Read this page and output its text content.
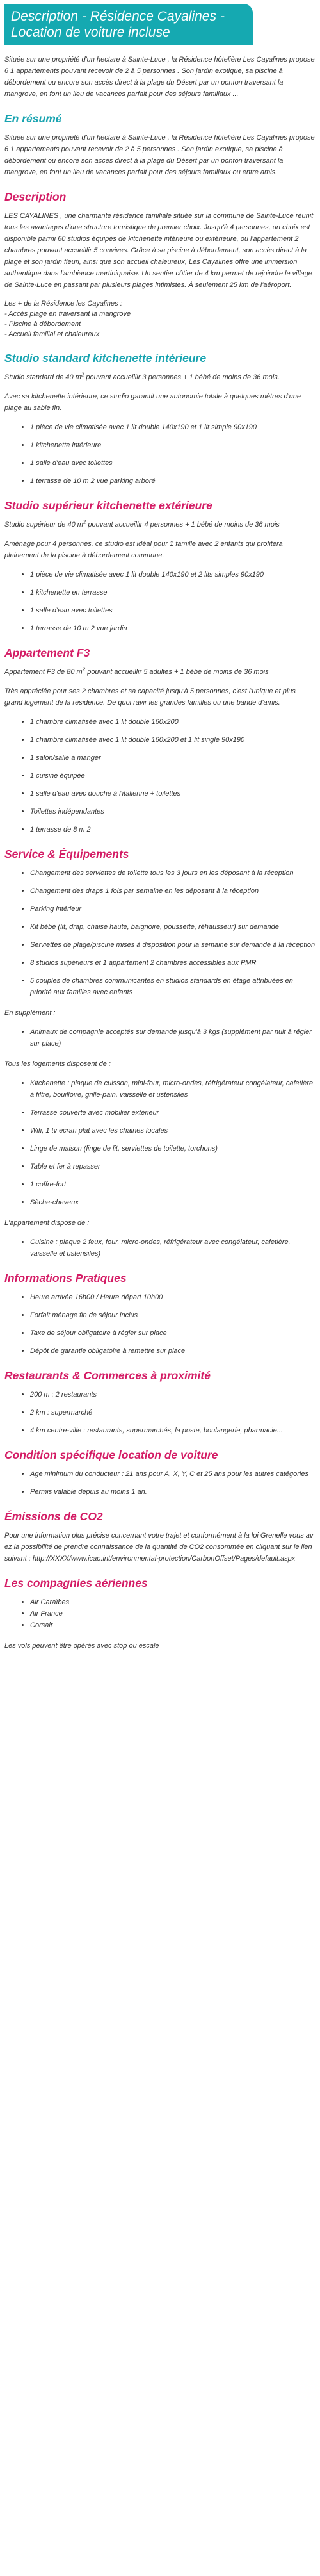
Description - Résidence Cayalines -
Location de voiture incluse

Située sur une propriété d'un hectare à Sainte-Luce , la Résidence hôtelière Les Cayalines propose 6 1 appartements pouvant recevoir de 2 à 5 personnes . Son jardin exotique, sa piscine à débordement ou encore son accès direct à la plage du Désert par un ponton traversant la mangrove, en font un lieu de vacances parfait pour des séjours familiaux ...

En résumé

Située sur une propriété d'un hectare à Sainte-Luce , la Résidence hôtelière Les Cayalines propose 6 1 appartements pouvant recevoir de 2 à 5 personnes . Son jardin exotique, sa piscine à débordement ou encore son accès direct à la plage du Désert par un ponton traversant la mangrove, en font un lieu de vacances parfait pour des séjours familiaux ou entre amis.

Description

LES CAYALINES , une charmante résidence familiale située sur la commune de Sainte-Luce réunit tous les avantages d'une structure touristique de premier choix. Jusqu'à 4 personnes, un choix est disponible parmi 60 studios équipés de kitchenette intérieure ou extérieure, ou l'appartement 2 chambres pouvant accueillir 5 convives. Grâce à sa piscine à débordement, son accès direct à la plage et son jardin fleuri, ainsi que son accueil chaleureux, Les Cayalines offre une immersion authentique dans l'ambiance martiniquaise. Un sentier côtier de 4 km permet de rejoindre le village de Sainte-Luce en passant par plusieurs plages intimistes. À seulement 25 km de l'aéroport.

Les + de la Résidence les Cayalines :
- Accès plage en traversant la mangrove
- Piscine à débordement
- Accueil familial et chaleureux
Studio standard kitchenette intérieure

Studio standard de 40 $m^2$ pouvant accueillir 3 personnes + 1 bébé de moins de 36 mois.

Avec sa kitchenette intérieure, ce studio garantit une autonomie totale à quelques mètres d'une plage au sable fin.

• 1 pièce de vie climatisée avec 1 lit double 140x190 et 1 lit simple 90x190
• 1 kitchenette intérieure
• 1 salle d'eau avec toilettes
• 1 terrasse de 10 m 2 vue parking arboré
Studio supérieur kitchenette extérieure

Studio supérieur de 40 $m^2$ pouvant accueillir 4 personnes + 1 bébé de moins de 36 mois

Aménagé pour 4 personnes, ce studio est idéal pour 1 famille avec 2 enfants qui profitera pleinement de la piscine à débordement commune.

• 1 pièce de vie climatisée avec 1 lit double 140x190 et 2 lits simples 90x190
• 1 kitchenette en terrasse
• 1 salle d'eau avec toilettes
• 1 terrasse de 10 m 2 vue jardin
Appartement F3

Appartement F3 de 80 $m^2$ pouvant accueillir 5 adultes + 1 bébé de moins de 36 mois

Très appréciée pour ses 2 chambres et sa capacité jusqu'à 5 personnes, c'est l'unique et plus grand logement de la résidence. De quoi ravir les grandes familles ou une bande d'amis.

• 1 chambre climatisée avec 1 lit double 160x200
• 1 chambre climatisée avec 1 lit double 160x200 et 1 lit single 90x190
• 1 salon/salle à manger
• 1 cuisine équipée
• 1 salle d'eau avec douche à l'italienne + toilettes
• Toilettes indépendantes
• 1 terrasse de 8 m 2
Service & Équipements
• Changement des serviettes de toilette tous les 3 jours en les déposant à la réception
• Changement des draps 1 fois par semaine en les déposant à la réception
• Parking intérieur
• Kit bébé (lit, drap, chaise haute, baignoire, poussette, réhausseur) sur demande
• Serviettes de plage/piscine mises à disposition pour la semaine sur demande à la réception
• 8 studios supérieurs et 1 appartement 2 chambres accessibles aux PMR
• 5 couples de chambres communicantes en studios standards en étage attribuées en priorité aux familles avec enfants

En supplément :

• Animaux de compagnie acceptés sur demande jusqu'à 3 kgs (supplément par nuit à régler sur place)

Tous les logements disposent de :

• Kitchenette : plaque de cuisson, mini-four, micro-ondes, réfrigérateur congélateur, cafetière à filtre, bouilloire, grille-pain, vaisselle et ustensiles
• Terrasse couverte avec mobilier extérieur
• Wifi, 1 tv écran plat avec les chaines locales
• Linge de maison (linge de lit, serviettes de toilette, torchons)
• Table et fer à repasser
• 1 coffre-fort
• Sèche-cheveux

L'appartement dispose de :

• Cuisine : plaque 2 feux, four, micro-ondes, réfrigérateur avec congélateur, cafetière, vaisselle et ustensiles)
Informations Pratiques
• Heure arrivée 16h00 / Heure départ 10h00
• Forfait ménage fin de séjour inclus
• Taxe de séjour obligatoire à régler sur place
• Dépôt de garantie obligatoire à remettre sur place
Restaurants & Commerces à proximité
• 200 m : 2 restaurants
• 2 km : supermarché
• 4 km centre-ville : restaurants, supermarchés, la poste, boulangerie, pharmacie...
Condition spécifique location de voiture
• Age minimum du conducteur : 21 ans pour A, X, Y, C et 25 ans pour les autres catégories
• Permis valable depuis au moins 1 an.
Émissions de CO2

Pour une information plus précise concernant votre trajet et conformément à la loi Grenelle vous avez la possibilité de prendre connaissance de la quantité de CO2 consommée en cliquant sur le lien suivant : http://XXXX/www.icao.int/environmental-protection/CarbonOffset/Pages/default.aspx

Les compagnies aériennes
• Air Caraïbes
• Air France
• Corsair

Les vols peuvent être opérés avec stop ou escale
